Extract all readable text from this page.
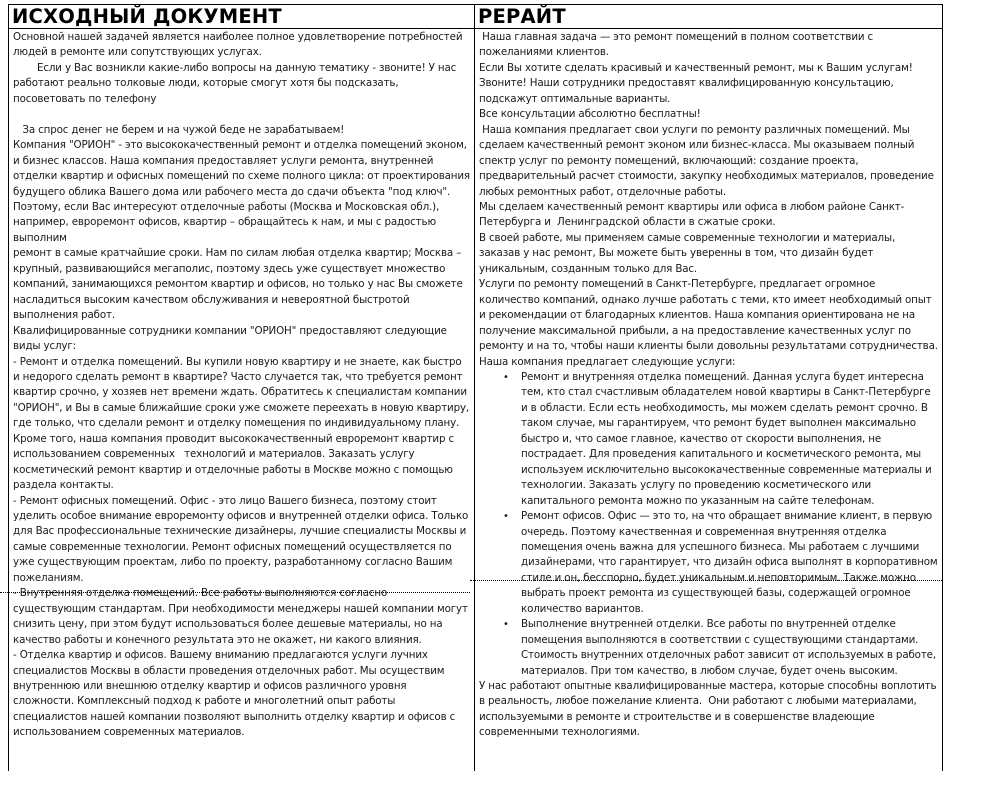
ИСХОДНЫЙ ДОКУМЕНТ

Основной нашей задачей является наиболее полное удовлетворение потребностей людей в ремонте или сопутствующих услугах.

Если у Вас возникли какие-либо вопросы на данную тематику - звоните! У нас работают реально толковые люди, которые смогут хотя бы подсказать, посоветовать по телефону

За спрос денег не берем и на чужой беде не зарабатываем!

Компания "ОРИОН" - это высококачественный ремонт и отделка помещений эконом, и бизнес классов. Наша компания предоставляет услуги ремонта, внутренней отделки квартир и офисных помещений по схеме полного цикла: от проектирования будущего облика Вашего дома или рабочего места до сдачи объекта "под ключ". Поэтому, если Вас интересуют отделочные работы (Москва и Московская обл.), например, евроремонт офисов, квартир – обращайтесь к нам, и мы с радостью выполним

ремонт в самые кратчайшие сроки. Нам по силам любая отделка квартир; Москва – крупный, развивающийся мегаполис, поэтому здесь уже существует множество компаний, занимающихся ремонтом квартир и офисов, но только у нас Вы сможете насладиться высоким качеством обслуживания и невероятной быстротой выполнения работ.

Квалифицированные сотрудники компании "ОРИОН" предоставляют следующие виды услуг:

- Ремонт и отделка помещений. Вы купили новую квартиру и не знаете, как быстро и недорого сделать ремонт в квартире? Часто случается так, что требуется ремонт квартир срочно, у хозяев нет времени ждать. Обратитесь к специалистам компании "ОРИОН", и Вы в самые ближайшие сроки уже сможете переехать в новую квартиру, где только, что сделали ремонт и отделку помещения по индивидуальному плану. Кроме того, наша компания проводит высококачественный евроремонт квартир с использованием современных   технологий и материалов. Заказать услугу косметический ремонт квартир и отделочные работы в Москве можно с помощью раздела контакты.

- Ремонт офисных помещений. Офис - это лицо Вашего бизнеса, поэтому стоит уделить особое внимание евроремонту офисов и внутренней отделки офиса. Только для Вас профессиональные технические дизайнеры, лучшие специалисты Москвы и самые современные технологии. Ремонт офисных помещений осуществляется по уже существующим проектам, либо по проекту, разработанному согласно Вашим пожеланиям.

- Внутренняя отделка помещений. Все работы выполняются согласно существующим стандартам. При необходимости менеджеры нашей компании могут снизить цену, при этом будут использоваться более дешевые материалы, но на качество работы и конечного результата это не окажет, ни какого влияния.

- Отделка квартир и офисов. Вашему вниманию предлагаются услуги лучних специалистов Москвы в области проведения отделочных работ. Мы осуществим внутреннюю или внешнюю отделку квартир и офисов различного уровня сложности. Комплексный подход к работе и многолетний опыт работы специалистов нашей компании позволяют выполнить отделку квартир и офисов с использованием современных материалов.

РЕРАЙТ

Наша главная задача — это ремонт помещений в полном соответствии с пожеланиями клиентов.

Если Вы хотите сделать красивый и качественный ремонт, мы к Вашим услугам! Звоните! Наши сотрудники предоставят квалифицированную консультацию, подскажут оптимальные варианты.

Все консультации абсолютно бесплатны!

Наша компания предлагает свои услуги по ремонту различных помещений. Мы сделаем качественный ремонт эконом или бизнес-класса. Мы оказываем полный спектр услуг по ремонту помещений, включающий: создание проекта, предварительный расчет стоимости, закупку необходимых материалов, проведение любых ремонтных работ, отделочные работы.

Мы сделаем качественный ремонт квартиры или офиса в любом районе Санкт-Петербурга и  Ленинградской области в сжатые сроки.

В своей работе, мы применяем самые современные технологии и материалы, заказав у нас ремонт, Вы можете быть уверенны в том, что дизайн будет уникальным, созданным только для Вас.

Услуги по ремонту помещений в Санкт-Петербурге, предлагает огромное количество компаний, однако лучше работать с теми, кто имеет необходимый опыт и рекомендации от благодарных клиентов. Наша компания ориентирована не на получение максимальной прибыли, а на предоставление качественных услуг по ремонту и на то, чтобы наши клиенты были довольны результатами сотрудничества.

Наша компания предлагает следующие услуги:

• Ремонт и внутренняя отделка помещений. Данная услуга будет интересна тем, кто стал счастливым обладателем новой квартиры в Санкт-Петербурге и в области. Если есть необходимость, мы можем сделать ремонт срочно. В таком случае, мы гарантируем, что ремонт будет выполнен максимально быстро и, что самое главное, качество от скорости выполнения, не пострадает. Для проведения капитального и косметического ремонта, мы используем исключительно высококачественные современные материалы и технологии. Заказать услугу по проведению косметического или капитального ремонта можно по указанным на сайте телефонам.
• Ремонт офисов. Офис — это то, на что обращает внимание клиент, в первую очередь. Поэтому качественная и современная внутренняя отделка помещения очень важна для успешного бизнеса. Мы работаем с лучшими дизайнерами, что гарантирует, что дизайн офиса выполнят в корпоративном стиле и он, бесспорно, будет уникальным и неповторимым. Также можно выбрать проект ремонта из существующей базы, содержащей огромное количество вариантов.
• Выполнение внутренней отделки. Все работы по внутренней отделке помещения выполняются в соответствии с существующими стандартами. Стоимость внутренних отделочных работ зависит от используемых в работе, материалов. При том качество, в любом случае, будет очень высоким.

У нас работают опытные квалифицированные мастера, которые способны воплотить в реальность, любое пожелание клиента.  Они работают с любыми материалами, используемыми в ремонте и строительстве и в совершенстве владеющие современными технологиями.
